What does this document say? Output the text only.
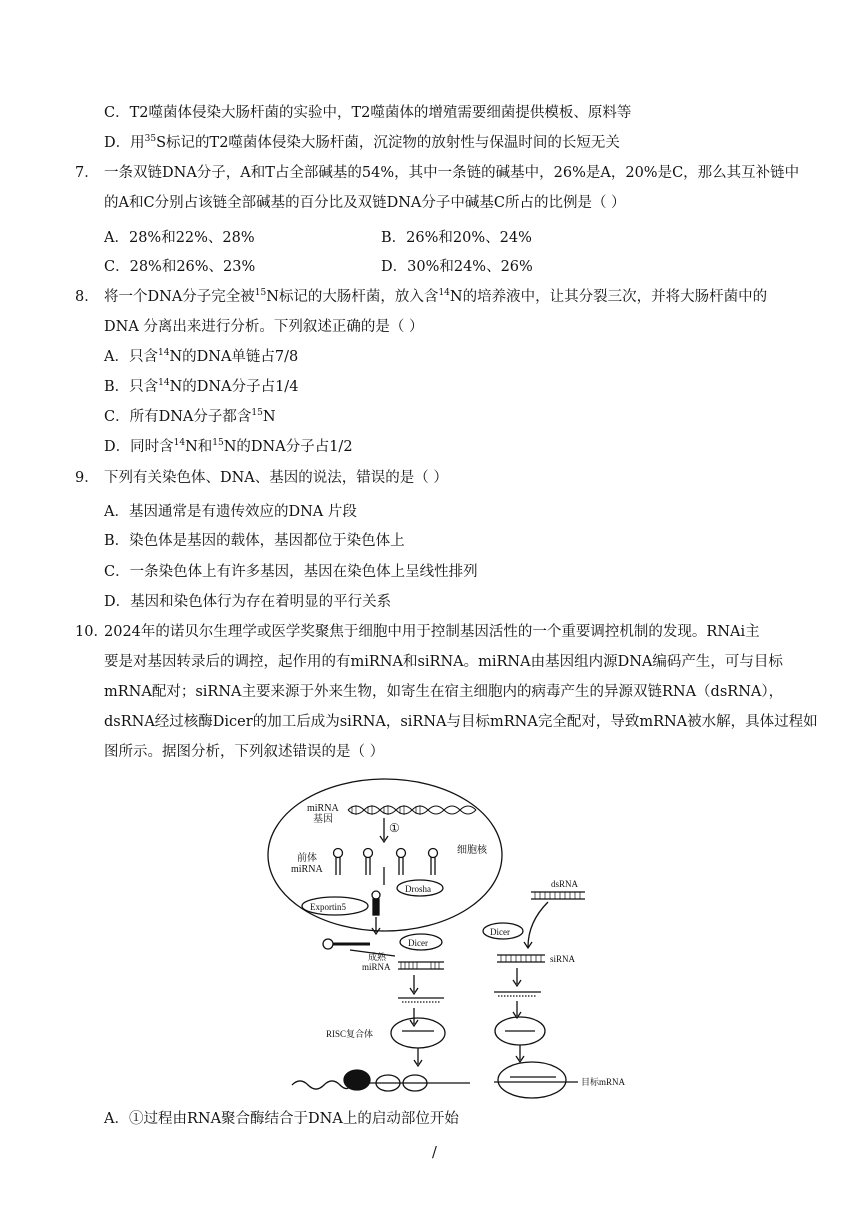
C．T2噬菌体侵染大肠杆菌的实验中，T2噬菌体的增殖需要细菌提供模板、原料等
D．用$^{35}$S标记的T2噬菌体侵染大肠杆菌，沉淀物的放射性与保温时间的长短无关
7． 一条双链DNA分子，A和T占全部碱基的54%，其中一条链的碱基中，26%是A，20%是C，那么其互补链中
的A和C分别占该链全部碱基的百分比及双链DNA分子中碱基C所占的比例是（ ）
A．28%和22%、28%	B．26%和20%、24%
C．28%和26%、23%	D．30%和24%、26%
8． 将一个DNA分子完全被$^{15}$N标记的大肠杆菌，放入含$^{14}$N的培养液中，让其分裂三次，并将大肠杆菌中的
DNA 分离出来进行分析。下列叙述正确的是（ ）
A．只含$^{14}$N的DNA单链占7/8
B．只含$^{14}$N的DNA分子占1/4
C．所有DNA分子都含$^{15}$N
D．同时含$^{14}$N和$^{15}$N的DNA分子占1/2
9． 下列有关染色体、DNA、基因的说法，错误的是（ ）
A．基因通常是有遗传效应的DNA 片段
B．染色体是基因的载体，基因都位于染色体上
C．一条染色体上有许多基因，基因在染色体上呈线性排列
D．基因和染色体行为存在着明显的平行关系
10．
2024年的诺贝尔生理学或医学奖聚焦于细胞中用于控制基因活性的一个重要调控机制的发现。RNAi主
要是对基因转录后的调控，起作用的有miRNA和siRNA。miRNA由基因组内源DNA编码产生，可与目标
mRNA配对；siRNA主要来源于外来生物，如寄生在宿主细胞内的病毒产生的异源双链RNA（dsRNA），
dsRNA经过核酶Dicer的加工后成为siRNA，siRNA与目标mRNA完全配对，导致mRNA被水解，具体过程如
图所示。据图分析，下列叙述错误的是（ ）
miRNA
基因
①
细胞核
前体
miRNA
Drosha
Exportin5
Dicer
成熟
miRNA
RISC复合体
dsRNA
Dicer
siRNA
目标mRNA
A．①过程由RNA聚合酶结合于DNA上的启动部位开始
/
